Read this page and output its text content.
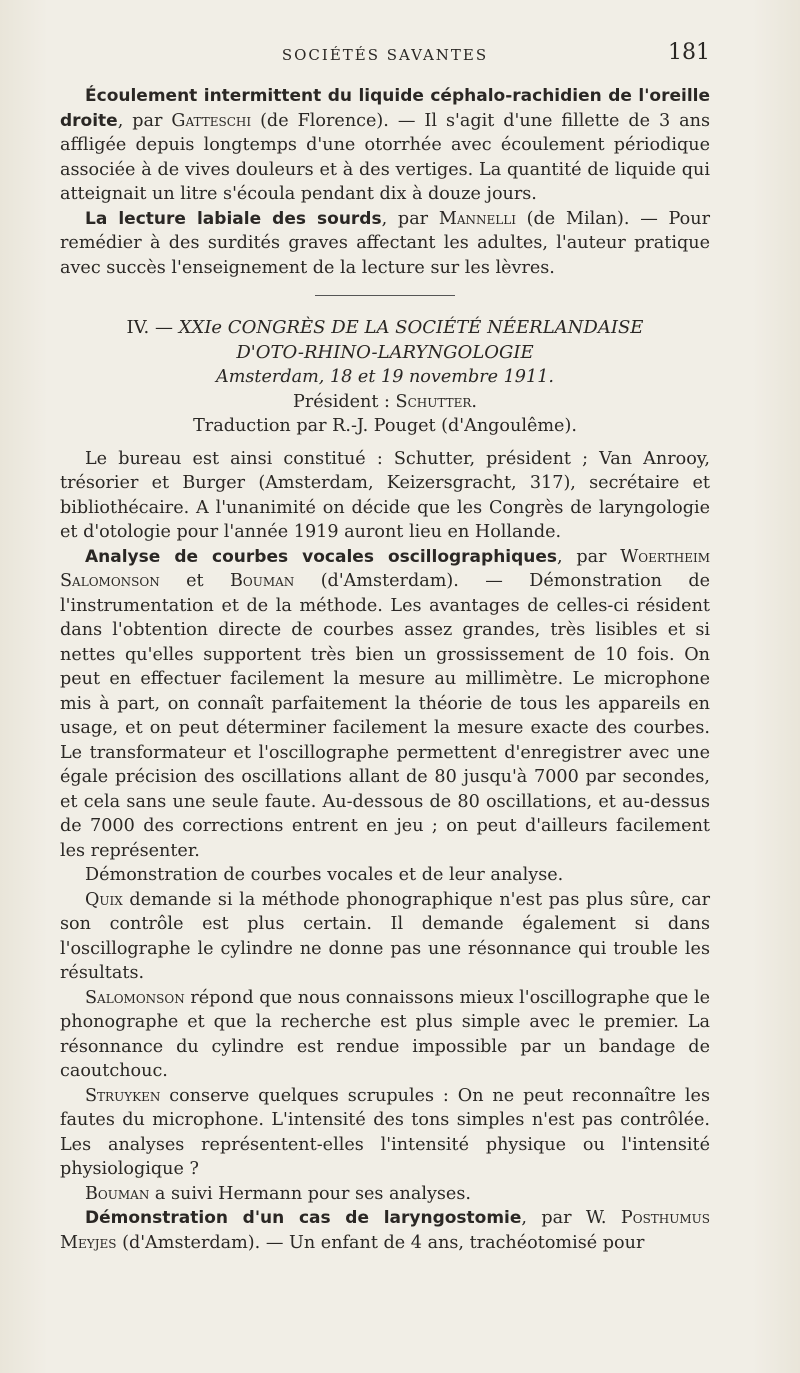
SOCIÉTÉS SAVANTES	181

Écoulement intermittent du liquide céphalo-rachidien de l'oreille droite, par Gatteschi (de Florence). — Il s'agit d'une fillette de 3 ans affligée depuis longtemps d'une otorrhée avec écoulement périodique associée à de vives douleurs et à des vertiges. La quantité de liquide qui atteignait un litre s'écoula pendant dix à douze jours.

La lecture labiale des sourds, par Mannelli (de Milan). — Pour remédier à des surdités graves affectant les adultes, l'auteur pratique avec succès l'enseignement de la lecture sur les lèvres.

IV. — XXIe CONGRÈS DE LA SOCIÉTÉ NÉERLANDAISE
D'OTO-RHINO-LARYNGOLOGIE
Amsterdam, 18 et 19 novembre 1911.
Président : Schutter.
Traduction par R.-J. Pouget (d'Angoulême).

Le bureau est ainsi constitué : Schutter, président ; Van Anrooy, trésorier et Burger (Amsterdam, Keizersgracht, 317), secrétaire et bibliothécaire. A l'unanimité on décide que les Congrès de laryngologie et d'otologie pour l'année 1919 auront lieu en Hollande.

Analyse de courbes vocales oscillographiques, par Woertheim Salomonson et Bouman (d'Amsterdam). — Démonstration de l'instrumentation et de la méthode. Les avantages de celles-ci résident dans l'obtention directe de courbes assez grandes, très lisibles et si nettes qu'elles supportent très bien un grossissement de 10 fois. On peut en effectuer facilement la mesure au millimètre. Le microphone mis à part, on connaît parfaitement la théorie de tous les appareils en usage, et on peut déterminer facilement la mesure exacte des courbes. Le transformateur et l'oscillographe permettent d'enregistrer avec une égale précision des oscillations allant de 80 jusqu'à 7000 par secondes, et cela sans une seule faute. Au-dessous de 80 oscillations, et au-dessus de 7000 des corrections entrent en jeu ; on peut d'ailleurs facilement les représenter.

Démonstration de courbes vocales et de leur analyse.

Quix demande si la méthode phonographique n'est pas plus sûre, car son contrôle est plus certain. Il demande également si dans l'oscillographe le cylindre ne donne pas une résonnance qui trouble les résultats.

Salomonson répond que nous connaissons mieux l'oscillographe que le phonographe et que la recherche est plus simple avec le premier. La résonnance du cylindre est rendue impossible par un bandage de caoutchouc.

Struyken conserve quelques scrupules : On ne peut reconnaître les fautes du microphone. L'intensité des tons simples n'est pas contrôlée. Les analyses représentent-elles l'intensité physique ou l'intensité physiologique ?

Bouman a suivi Hermann pour ses analyses.

Démonstration d'un cas de laryngostomie, par W. Posthumus Meyjes (d'Amsterdam). — Un enfant de 4 ans, trachéotomisé pour
